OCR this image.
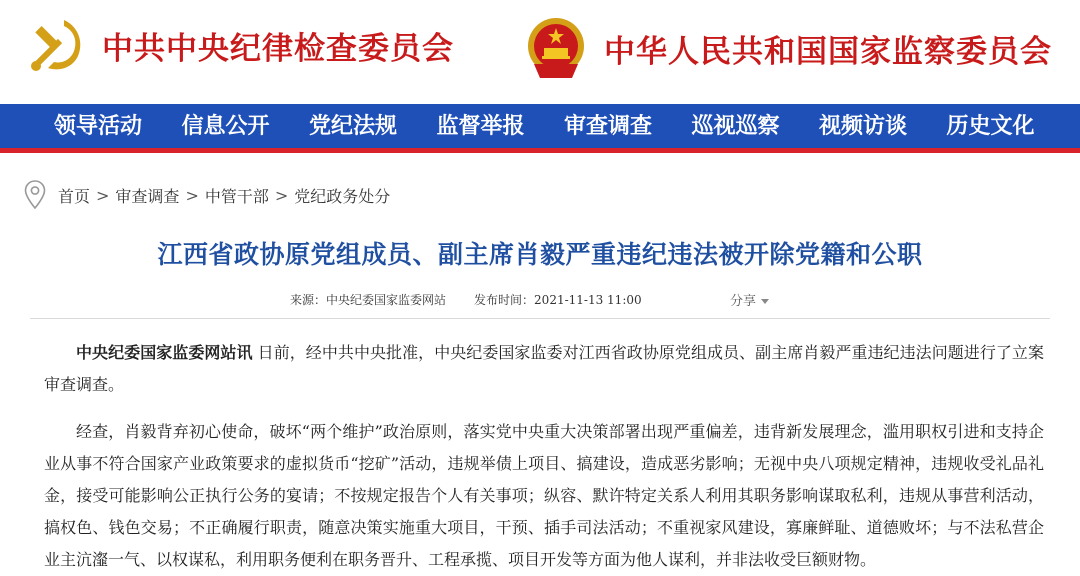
中共中央纪律检查委员会	中华人民共和国国家监察委员会
领导活动	信息公开	党纪法规	监督举报	审查调查	巡视巡察	视频访谈	历史文化
首页 > 审查调查 > 中管干部 > 党纪政务处分
江西省政协原党组成员、副主席肖毅严重违纪违法被开除党籍和公职
来源：中央纪委国家监委网站 发布时间：2021-11-13 11:00	分享

中央纪委国家监委网站讯 日前，经中共中央批准，中央纪委国家监委对江西省政协原党组成员、副主席肖毅严重违纪违法问题进行了立案审查调查。

经查，肖毅背弃初心使命，破坏“两个维护”政治原则，落实党中央重大决策部署出现严重偏差，违背新发展理念，滥用职权引进和支持企业从事不符合国家产业政策要求的虚拟货币“挖矿”活动，违规举债上项目、搞建设，造成恶劣影响；无视中央八项规定精神，违规收受礼品礼金，接受可能影响公正执行公务的宴请；不按规定报告个人有关事项；纵容、默许特定关系人利用其职务影响谋取私利，违规从事营利活动，搞权色、钱色交易；不正确履行职责，随意决策实施重大项目，干预、插手司法活动；不重视家风建设，寡廉鲜耻、道德败坏；与不法私营企业主沆瀣一气、以权谋私，利用职务便利在职务晋升、工程承揽、项目开发等方面为他人谋利，并非法收受巨额财物。
